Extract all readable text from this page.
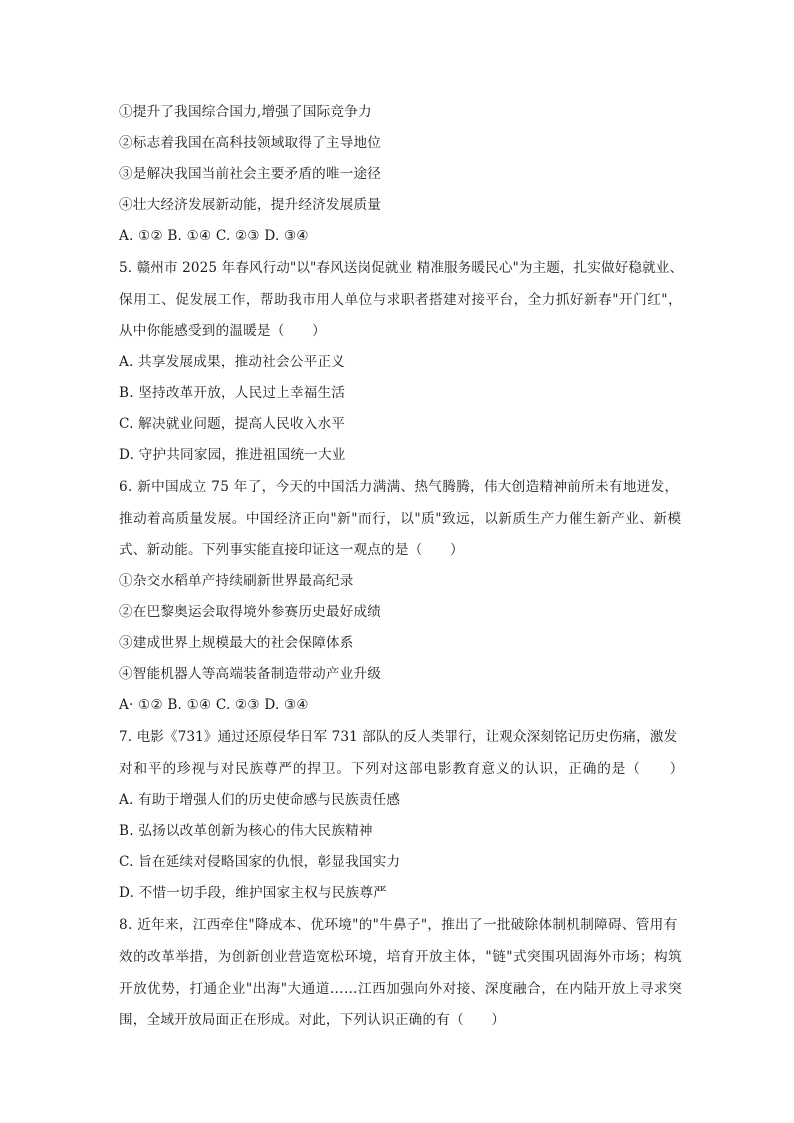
①提升了我国综合国力,增强了国际竞争力
②标志着我国在高科技领域取得了主导地位
③是解决我国当前社会主要矛盾的唯一途径
④壮大经济发展新动能，提升经济发展质量
A. ①② B. ①④ C. ②③ D. ③④
5. 赣州市 2025 年春风行动"以"春风送岗促就业 精准服务暖民心"为主题，扎实做好稳就业、
保用工、促发展工作，帮助我市用人单位与求职者搭建对接平台，全力抓好新春"开门红"，
从中你能感受到的温暖是（　　）
A. 共享发展成果，推动社会公平正义
B. 坚持改革开放，人民过上幸福生活
C. 解决就业问题，提高人民收入水平
D. 守护共同家园，推进祖国统一大业
6. 新中国成立 75 年了，今天的中国活力满满、热气腾腾，伟大创造精神前所未有地迸发，
推动着高质量发展。中国经济正向"新"而行，以"质"致远，以新质生产力催生新产业、新模
式、新动能。下列事实能直接印证这一观点的是（　　）
①杂交水稻单产持续刷新世界最高纪录
②在巴黎奥运会取得境外参赛历史最好成绩
③建成世界上规模最大的社会保障体系
④智能机器人等高端装备制造带动产业升级
A· ①② B. ①④ C. ②③ D. ③④
7. 电影《731》通过还原侵华日军 731 部队的反人类罪行，让观众深刻铭记历史伤痛，激发
对和平的珍视与对民族尊严的捍卫。下列对这部电影教育意义的认识，正确的是（　　）
A. 有助于增强人们的历史使命感与民族责任感
B. 弘扬以改革创新为核心的伟大民族精神
C. 旨在延续对侵略国家的仇恨，彰显我国实力
D. 不惜一切手段，维护国家主权与民族尊严
8. 近年来，江西牵住"降成本、优环境"的"牛鼻子"，推出了一批破除体制机制障碍、管用有
效的改革举措，为创新创业营造宽松环境，培育开放主体，"链"式突围巩固海外市场；构筑
开放优势，打通企业"出海"大通道……江西加强向外对接、深度融合，在内陆开放上寻求突
围，全域开放局面正在形成。对此，下列认识正确的有（　　）
